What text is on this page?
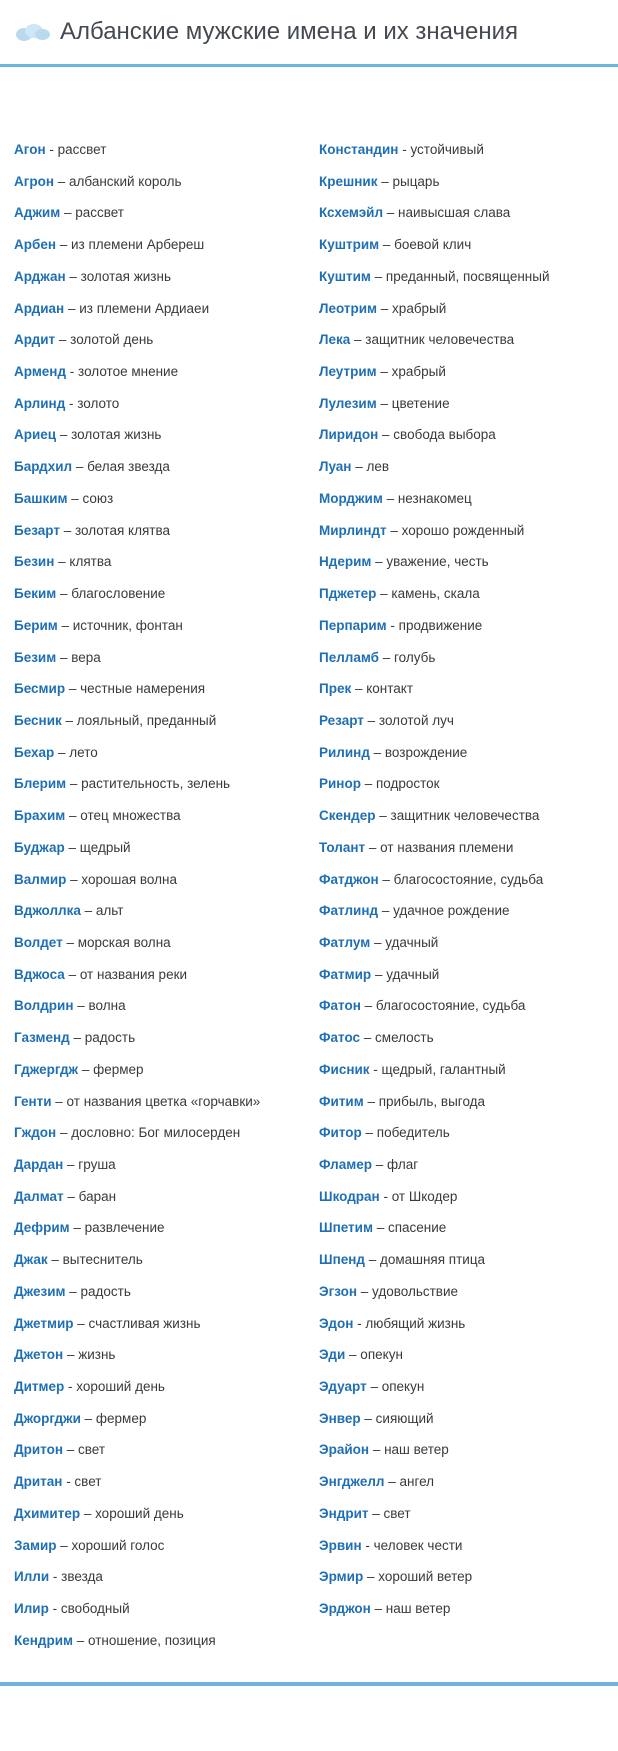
Албанские мужские имена и их значения

Агон - рассвет

Агрон – албанский король

Аджим – рассвет

Арбен – из племени Арбереш

Арджан – золотая жизнь

Ардиан – из племени Ардиаеи

Ардит – золотой день

Арменд - золотое мнение

Арлинд - золото

Ариец – золотая жизнь

Бардхил – белая звезда

Башким – союз

Безарт – золотая клятва

Безин – клятва

Беким – благословение

Берим – источник, фонтан

Безим – вера

Бесмир – честные намерения

Бесник – лояльный, преданный

Бехар – лето

Блерим – растительность, зелень

Брахим – отец множества

Буджар – щедрый

Валмир – хорошая волна

Вджоллка – альт

Волдет – морская волна

Вджоса – от названия реки

Волдрин – волна

Газменд – радость

Гджергдж – фермер

Генти – от названия цветка «горчавки»

Гждон – дословно: Бог милосерден

Дардан – груша

Далмат – баран

Дефрим – развлечение

Джак – вытеснитель

Джезим – радость

Джетмир – счастливая жизнь

Джетон – жизнь

Дитмер - хороший день

Джоргджи – фермер

Дритон – свет

Дритан - свет

Дхимитер – хороший день

Замир – хороший голос

Илли - звезда

Илир - свободный

Кендрим – отношение, позиция

Констандин - устойчивый

Крешник – рыцарь

Ксхемэйл – наивысшая слава

Куштрим – боевой клич

Куштим – преданный, посвященный

Леотрим – храбрый

Лека – защитник человечества

Леутрим – храбрый

Лулезим – цветение

Лиридон – свобода выбора

Луан – лев

Морджим – незнакомец

Мирлиндт – хорошо рожденный

Ндерим – уважение, честь

Пджетер – камень, скала

Перпарим - продвижение

Пелламб – голубь

Прек – контакт

Резарт – золотой луч

Рилинд – возрождение

Ринор – подросток

Скендер – защитник человечества

Толант – от названия племени

Фатджон – благосостояние, судьба

Фатлинд – удачное рождение

Фатлум – удачный

Фатмир – удачный

Фатон – благосостояние, судьба

Фатос – смелость

Фисник - щедрый, галантный

Фитим – прибыль, выгода

Фитор – победитель

Фламер – флаг

Шкодран - от Шкодер

Шпетим – спасение

Шпенд – домашняя птица

Эгзон – удовольствие

Эдон - любящий жизнь

Эди – опекун

Эдуарт – опекун

Энвер – сияющий

Эрайон – наш ветер

Энгджелл – ангел

Эндрит – свет

Эрвин - человек чести

Эрмир – хороший ветер

Эрджон – наш ветер
